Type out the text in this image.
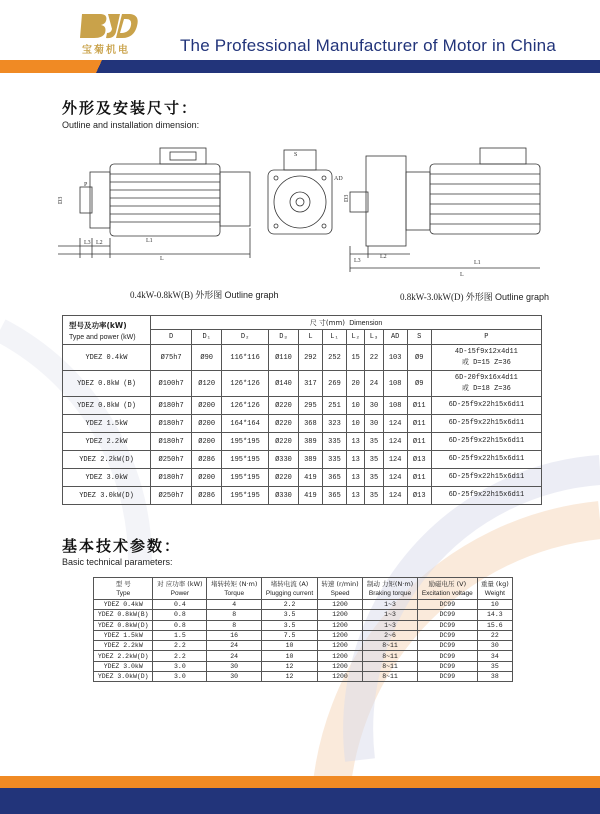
宝菊机电	The Professional Manufacturer of Motor in China
外形及安装尺寸：
Outline and installation dimension:
P
D3
L1
L
L3 L2
AD
S
D3
L3
L2
L1
L
0.4kW-0.8kW(B) 外形图 Outline graph	0.8kW-3.0kW(D) 外形图 Outline graph
型号及功率(kW)
Type and power (kW)	尺 寸(mm) Dimension										
	D	D₁	D₂	D₃	L	L₁	L₂	L₃	AD	S	P
YDEZ 0.4kW	Ø75h7	Ø90	116*116	Ø110	292	252	15	22	103	Ø9	4D-15f9x12x4d11
或 D=15 Z=36

YDEZ 0.8kW (B)	Ø100h7	Ø120	126*126	Ø140	317	269	20	24	108	Ø9	6D-20f9x16x4d11
或 D=18 Z=36

YDEZ 0.8kW (D)	Ø180h7	Ø200	126*126	Ø220	295	251	10	30	108	Ø11	6D-25f9x22h15x6d11

YDEZ 1.5kW	Ø180h7	Ø200	164*164	Ø220	368	323	10	30	124	Ø11	6D-25f9x22h15x6d11

YDEZ 2.2kW	Ø180h7	Ø200	195*195	Ø220	389	335	13	35	124	Ø11	6D-25f9x22h15x6d11

YDEZ 2.2kW(D)	Ø250h7	Ø286	195*195	Ø330	389	335	13	35	124	Ø13	6D-25f9x22h15x6d11

YDEZ 3.0kW	Ø180h7	Ø200	195*195	Ø220	419	365	13	35	124	Ø11	6D-25f9x22h15x6d11

YDEZ 3.0kW(D)	Ø250h7	Ø286	195*195	Ø330	419	365	13	35	124	Ø13	6D-25f9x22h15x6d11
基本技术参数：
Basic technical parameters:
型 号
Type	对 应功率 (kW)
Power	堵转转矩 (N·m)
Torque	堵转电流 (A)
Plugging current	转速 (r/min)
Speed	制动 力矩(N·m)
Braking torque	励磁电压 (V)
Excitation voltage	重量 (kg)
Weight

YDEZ 0.4kW	0.4	4	2.2	1200	1~3	DC99	10
YDEZ 0.8kW(B)	0.8	8	3.5	1200	1~3	DC99	14.3
YDEZ 0.8kW(D)	0.8	8	3.5	1200	1~3	DC99	15.6
YDEZ 1.5kW	1.5	16	7.5	1200	2~6	DC99	22
YDEZ 2.2kW	2.2	24	10	1200	8~11	DC99	30
YDEZ 2.2kW(D)	2.2	24	10	1200	8~11	DC99	34
YDEZ 3.0kW	3.0	30	12	1200	8~11	DC99	35
YDEZ 3.0kW(D)	3.0	30	12	1200	8~11	DC99	38
